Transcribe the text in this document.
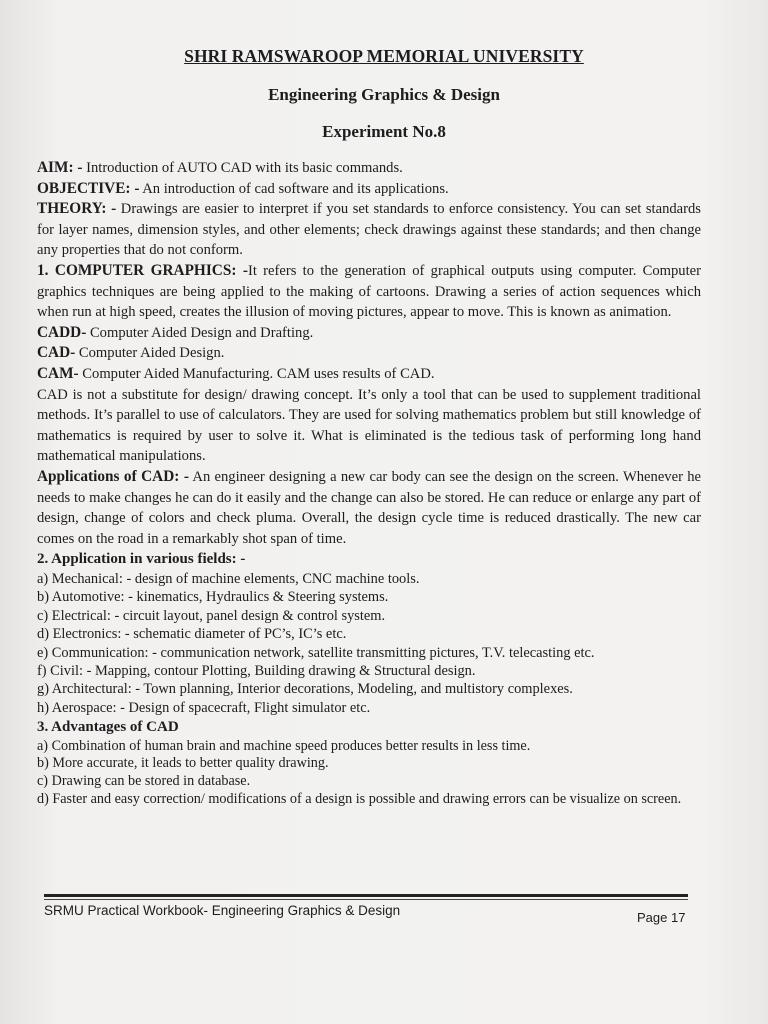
SHRI RAMSWAROOP MEMORIAL UNIVERSITY
Engineering Graphics & Design
Experiment No.8

AIM: - Introduction of AUTO CAD with its basic commands.

OBJECTIVE: - An introduction of cad software and its applications.

THEORY: - Drawings are easier to interpret if you set standards to enforce consistency. You can set standards for layer names, dimension styles, and other elements; check drawings against these standards; and then change any properties that do not conform.

1. COMPUTER GRAPHICS: -It refers to the generation of graphical outputs using computer. Computer graphics techniques are being applied to the making of cartoons. Drawing a series of action sequences which when run at high speed, creates the illusion of moving pictures, appear to move. This is known as animation.

CADD- Computer Aided Design and Drafting.

CAD- Computer Aided Design.

CAM- Computer Aided Manufacturing. CAM uses results of CAD.

CAD is not a substitute for design/ drawing concept. It’s only a tool that can be used to supplement traditional methods. It’s parallel to use of calculators. They are used for solving mathematics problem but still knowledge of mathematics is required by user to solve it. What is eliminated is the tedious task of performing long hand mathematical manipulations.

Applications of CAD: - An engineer designing a new car body can see the design on the screen. Whenever he needs to make changes he can do it easily and the change can also be stored. He can reduce or enlarge any part of design, change of colors and check pluma. Overall, the design cycle time is reduced drastically. The new car comes on the road in a remarkably shot span of time.

2. Application in various fields: -

a) Mechanical: - design of machine elements, CNC machine tools.

b) Automotive: - kinematics, Hydraulics & Steering systems.

c) Electrical: - circuit layout, panel design & control system.

d) Electronics: - schematic diameter of PC’s, IC’s etc.

e) Communication: - communication network, satellite transmitting pictures, T.V. telecasting etc.

f) Civil: - Mapping, contour Plotting, Building drawing & Structural design.

g) Architectural: - Town planning, Interior decorations, Modeling, and multistory complexes.

h) Aerospace: - Design of spacecraft, Flight simulator etc.

3. Advantages of CAD

a) Combination of human brain and machine speed produces better results in less time.

b) More accurate, it leads to better quality drawing.

c) Drawing can be stored in database.

d) Faster and easy correction/ modifications of a design is possible and drawing errors can be visualize on screen.

SRMU Practical Workbook- Engineering Graphics & Design	Page 17
